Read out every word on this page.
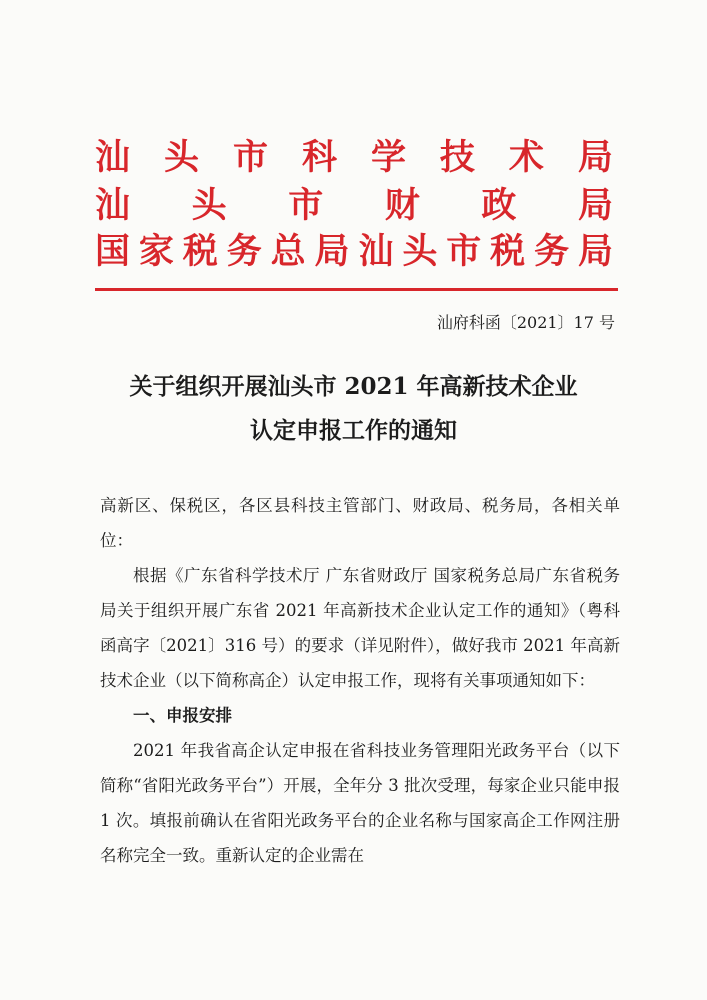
汕 头 市 科 学 技 术 局
汕 头 市 财 政 局
国 家 税 务 总 局 汕 头 市 税 务 局
汕府科函〔2021〕17 号
关于组织开展汕头市 2021 年高新技术企业
认定申报工作的通知

高新区、保税区，各区县科技主管部门、财政局、税务局，各相关单位：

根据《广东省科学技术厅 广东省财政厅 国家税务总局广东省税务局关于组织开展广东省 2021 年高新技术企业认定工作的通知》（粤科函高字〔2021〕316 号）的要求（详见附件），做好我市 2021 年高新技术企业（以下简称高企）认定申报工作，现将有关事项通知如下：

一、申报安排

2021 年我省高企认定申报在省科技业务管理阳光政务平台（以下简称“省阳光政务平台”）开展，全年分 3 批次受理，每家企业只能申报 1 次。填报前确认在省阳光政务平台的企业名称与国家高企工作网注册名称完全一致。重新认定的企业需在
